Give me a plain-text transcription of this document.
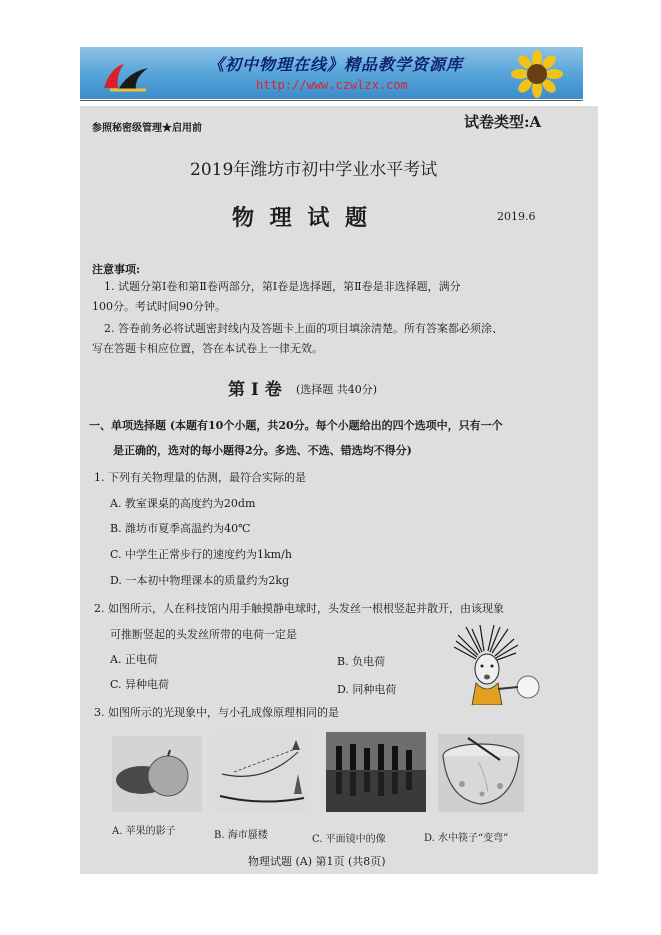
《初中物理在线》精品教学资源库
http://www.czwlzx.com
参照秘密级管理★启用前	试卷类型:A
2019年潍坊市初中学业水平考试
物 理 试 题	2019.6
注意事项:
1. 试题分第Ⅰ卷和第Ⅱ卷两部分，第Ⅰ卷是选择题，第Ⅱ卷是非选择题，满分
100分。考试时间90分钟。
2. 答卷前务必将试题密封线内及答题卡上面的项目填涂清楚。所有答案都必须涂、
写在答题卡相应位置，答在本试卷上一律无效。
第 Ⅰ 卷 (选择题 共40分)
一、单项选择题 (本题有10个小题，共20分。每个小题给出的四个选项中，只有一个
是正确的，选对的每小题得2分。多选、不选、错选均不得分)
1. 下列有关物理量的估测，最符合实际的是
A. 教室课桌的高度约为20dm
B. 潍坊市夏季高温约为40℃
C. 中学生正常步行的速度约为1km/h
D. 一本初中物理课本的质量约为2kg
2. 如图所示，人在科技馆内用手触摸静电球时，头发丝一根根竖起并散开，由该现象
可推断竖起的头发丝所带的电荷一定是
A. 正电荷	B. 负电荷
C. 异种电荷	D. 同种电荷
3. 如图所示的光现象中，与小孔成像原理相同的是
A. 苹果的影子	B. 海市蜃楼	C. 平面镜中的像	D. 水中筷子“变弯”
物理试题 (A) 第1页 (共8页)
